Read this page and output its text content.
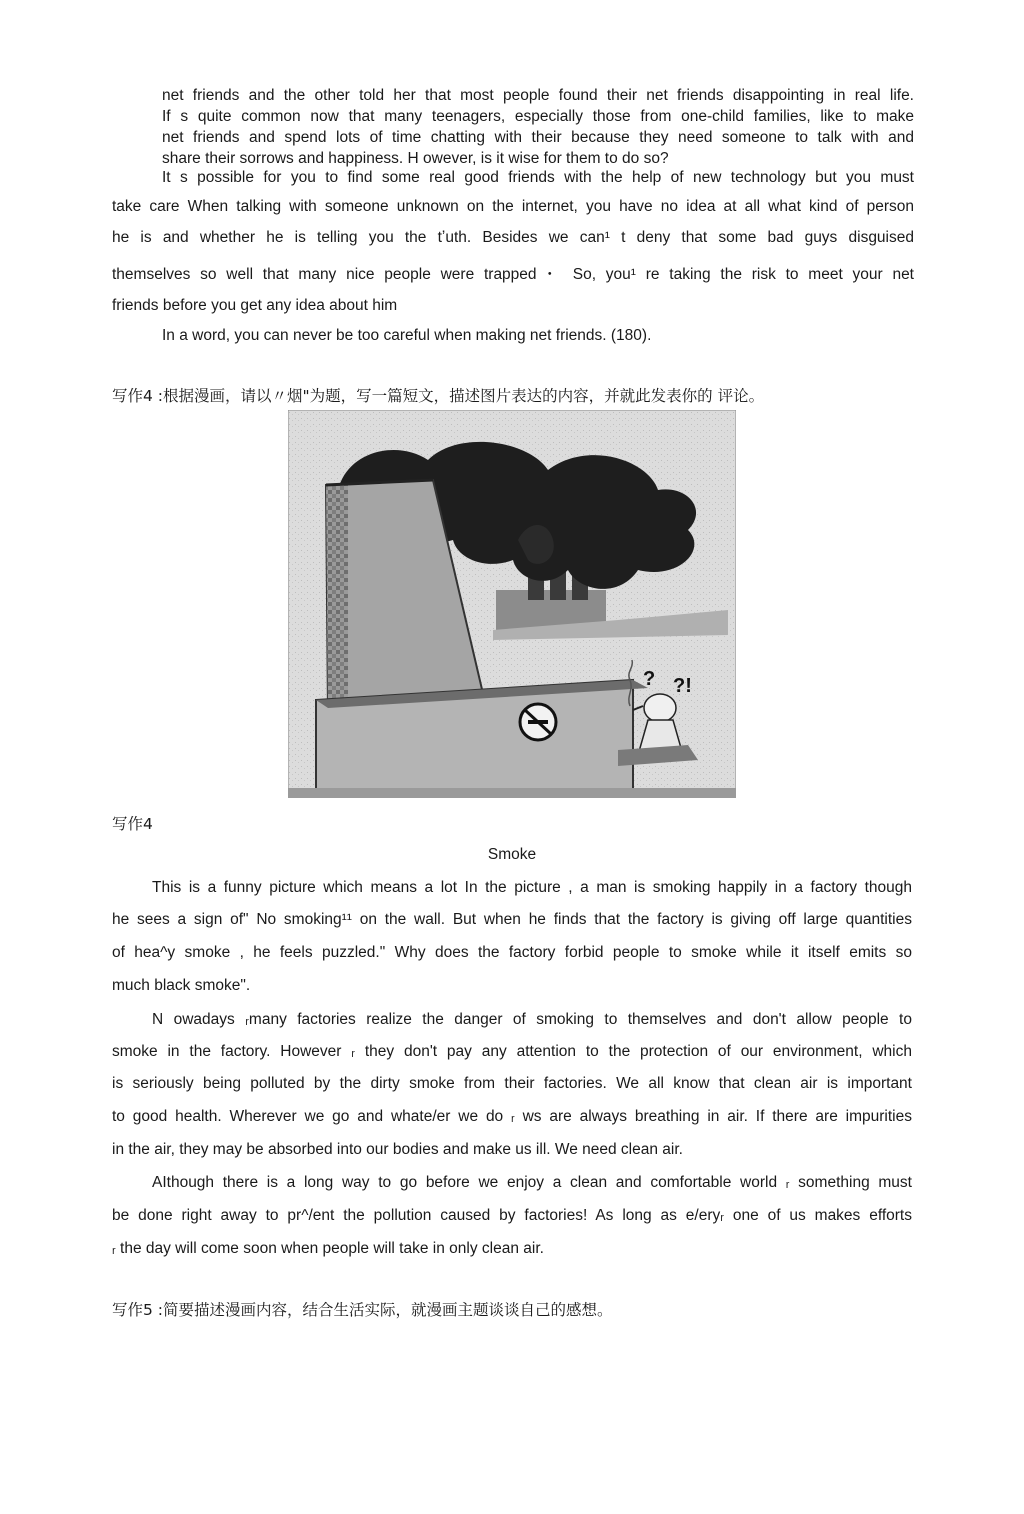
net friends and the other told her that most people found their net friends disappointing in real life.
If s quite common now that many teenagers, especially those from one-child families, like to make
net friends and spend lots of time chatting with their because they need someone to talk with and
share their sorrows and happiness. H owever, is it wise for them to do so?
It s possible for you to find some real good friends with the help of new technology but you must
take care When talking with someone unknown on the internet, you have no idea at all what kind of person
he is and whether he is telling you the tʼuth. Besides we can¹ t deny that some bad guys disguised
themselves so well that many nice people were trapped・ So, you¹ re taking the risk to meet your net
friends before you get any idea about him
In a word, you can never be too careful when making net friends. (180).
写作4 :根据漫画，请以〃烟"为题，写一篇短文，描述图片表达的内容，并就此发表你的 评论。
? ?!
写作4
Smoke
This is a funny picture which means a lot In the picture , a man is smoking happily in a factory though
he sees a sign of" No smoking¹¹ on the wall. But when he finds that the factory is giving off large quantities
of hea^y smoke , he feels puzzled." Why does the factory forbid people to smoke while it itself emits so
much black smoke".
N owadays ᵣmany factories realize the danger of smoking to themselves and don't allow people to
smoke in the factory. However ᵣ they don't pay any attention to the protection of our environment, which
is seriously being polluted by the dirty smoke from their factories. We all know that clean air is important
to good health. Wherever we go and whate/er we do ᵣ ws are always breathing in air. If there are impurities
in the air, they may be absorbed into our bodies and make us ill. We need clean air.
AIthough there is a long way to go before we enjoy a clean and comfortable world ᵣ something must
be done right away to pr^/ent the pollution caused by factories! As long as e/eryᵣ one of us makes efforts
ᵣ the day will come soon when people will take in only clean air.
写作5 :简要描述漫画内容，结合生活实际，就漫画主题谈谈自己的感想。
